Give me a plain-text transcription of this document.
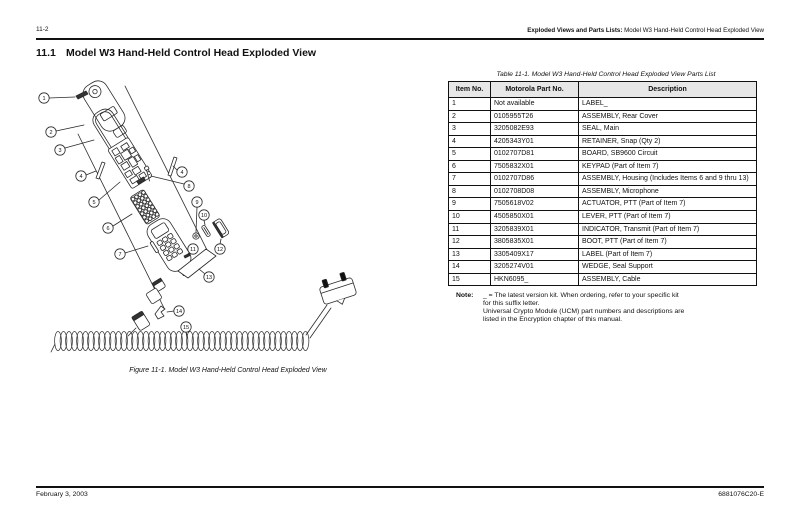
11-2	Exploded Views and Parts Lists: Model W3 Hand-Held Control Head Exploded View
11.1 Model W3 Hand-Held Control Head Exploded View
1
2
3
4
4
5
6
7
8
9
10
11	12
13
14
15
Figure 11-1. Model W3 Hand-Held Control Head Exploded View
Table 11-1. Model W3 Hand-Held Control Head Exploded View Parts List
Item No.	Motorola Part No.	Description
1	Not available	LABEL_
2	0105955T26	ASSEMBLY, Rear Cover
3	3205082E93	SEAL, Main
4	4205343Y01	RETAINER, Snap (Qty 2)
5	0102707D81	BOARD, SB9600 Circuit
6	7505832X01	KEYPAD (Part of Item 7)
7	0102707D86	ASSEMBLY, Housing (Includes Items 6 and 9 thru 13)
8	0102708D08	ASSEMBLY, Microphone
9	7505618V02	ACTUATOR, PTT (Part of Item 7)
10	4505850X01	LEVER, PTT (Part of Item 7)
11	3205839X01	INDICATOR, Transmit (Part of Item 7)
12	3805835X01	BOOT, PTT (Part of Item 7)
13	3305409X17	LABEL (Part of Item 7)
14	3205274V01	WEDGE, Seal Support
15	HKN6095_	ASSEMBLY, Cable
Note:	_ = The latest version kit. When ordering, refer to your specific kit
for this suffix letter.
Universal Crypto Module (UCM) part numbers and descriptions are
listed in the Encryption chapter of this manual.
February 3, 2003	6881076C20-E
